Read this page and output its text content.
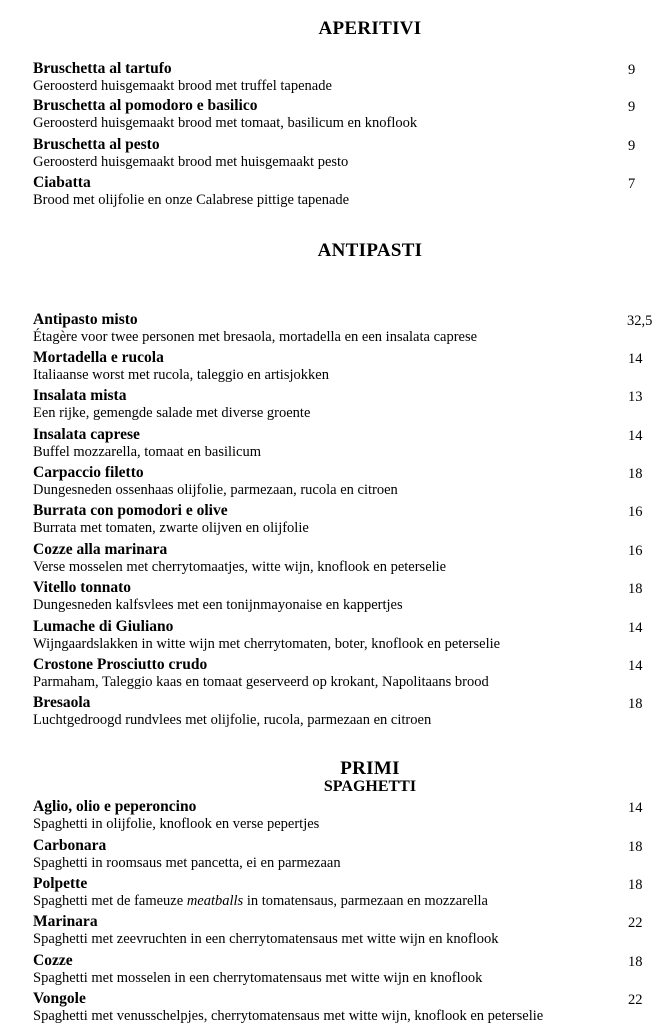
APERITIVI
Bruschetta al tartufo
Geroosterd huisgemaakt brood met truffel tapenade
9
Bruschetta al pomodoro e basilico
Geroosterd huisgemaakt brood met tomaat, basilicum en knoflook
9
Bruschetta al pesto
Geroosterd huisgemaakt brood met huisgemaakt pesto
9
Ciabatta
Brood met olijfolie en onze Calabrese pittige tapenade
7
ANTIPASTI
Antipasto misto
Étagère voor twee personen met bresaola, mortadella en een insalata caprese
32,5
Mortadella e rucola
Italiaanse worst met rucola, taleggio en artisjokken
14
Insalata mista
Een rijke, gemengde salade met diverse groente
13
Insalata caprese
Buffel mozzarella, tomaat en basilicum
14
Carpaccio filetto
Dungesneden ossenhaas olijfolie, parmezaan, rucola en citroen
18
Burrata con pomodori e olive
Burrata met tomaten, zwarte olijven en olijfolie
16
Cozze alla marinara
Verse mosselen met cherrytomaatjes, witte wijn, knoflook en peterselie
16
Vitello tonnato
Dungesneden kalfsvlees met een tonijnmayonaise en kappertjes
18
Lumache di Giuliano
Wijngaardslakken in witte wijn met cherrytomaten, boter, knoflook en peterselie
14
Crostone Prosciutto crudo
Parmaham, Taleggio kaas en tomaat geserveerd op krokant, Napolitaans brood
14
Bresaola
Luchtgedroogd rundvlees met olijfolie, rucola, parmezaan en citroen
18
PRIMI
SPAGHETTI
Aglio, olio e peperoncino
Spaghetti in olijfolie, knoflook en verse pepertjes
14
Carbonara
Spaghetti in roomsaus met pancetta, ei en parmezaan
18
Polpette
Spaghetti met de fameuze meatballs in tomatensaus, parmezaan en mozzarella
18
Marinara
Spaghetti met zeevruchten in een cherrytomatensaus met witte wijn en knoflook
22
Cozze
Spaghetti met mosselen in een cherrytomatensaus met witte wijn en knoflook
18
Vongole
Spaghetti met venusschelpjes, cherrytomatensaus met witte wijn, knoflook en peterselie
22
